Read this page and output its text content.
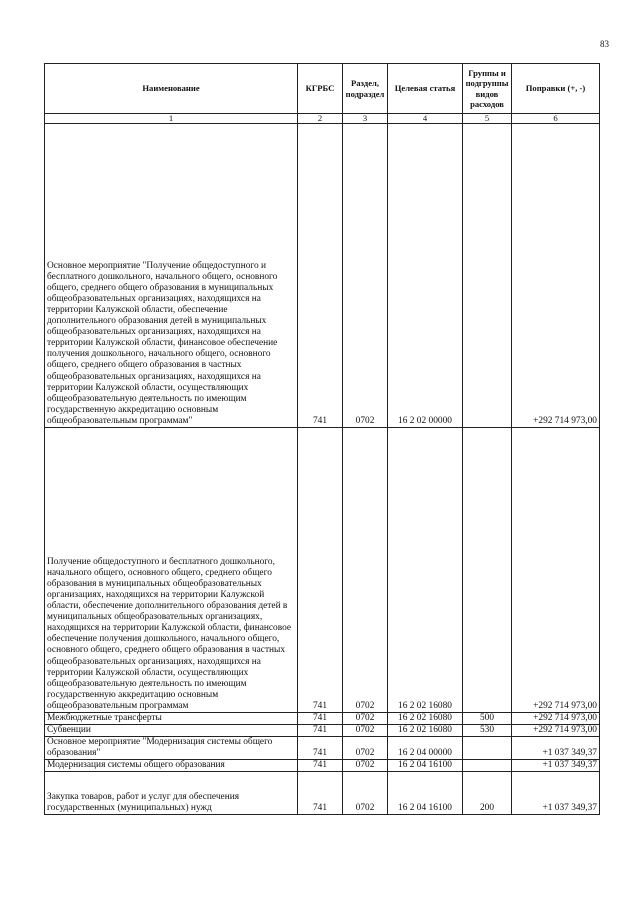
83
Наименование	КГРБС	Раздел, подраздел	Целевая статья	Группы и подгруппы видов расходов	Поправки (+, -)
1	2	3	4	5	6
Основное мероприятие "Получение общедоступного и бесплатного дошкольного, начального общего, основного общего, среднего общего образования в муниципальных общеобразовательных организациях, находящихся на территории Калужской области, обеспечение дополнительного образования детей в муниципальных общеобразовательных организациях, находящихся на территории Калужской области, финансовое обеспечение получения дошкольного, начального общего, основного общего, среднего общего образования в частных общеобразовательных организациях, находящихся на территории Калужской области, осуществляющих общеобразовательную деятельность по имеющим государственную аккредитацию основным общеобразовательным программам"	741	0702	16 2 02 00000		+292 714 973,00
Получение общедоступного и бесплатного дошкольного, начального общего, основного общего, среднего общего образования в муниципальных общеобразовательных организациях, находящихся на территории Калужской области, обеспечение дополнительного образования детей в муниципальных общеобразовательных организациях, находящихся на территории Калужской области, финансовое обеспечение получения дошкольного, начального общего, основного общего, среднего общего образования в частных общеобразовательных организациях, находящихся на территории Калужской области, осуществляющих общеобразовательную деятельность по имеющим государственную аккредитацию основным общеобразовательным программам	741	0702	16 2 02 16080		+292 714 973,00
Межбюджетные трансферты	741	0702	16 2 02 16080	500	+292 714 973,00
Субвенции	741	0702	16 2 02 16080	530	+292 714 973,00
Основное мероприятие "Модернизация системы общего образования"	741	0702	16 2 04 00000		+1 037 349,37
Модернизация системы общего образования	741	0702	16 2 04 16100		+1 037 349,37
Закупка товаров, работ и услуг для обеспечения государственных (муниципальных) нужд	741	0702	16 2 04 16100	200	+1 037 349,37
